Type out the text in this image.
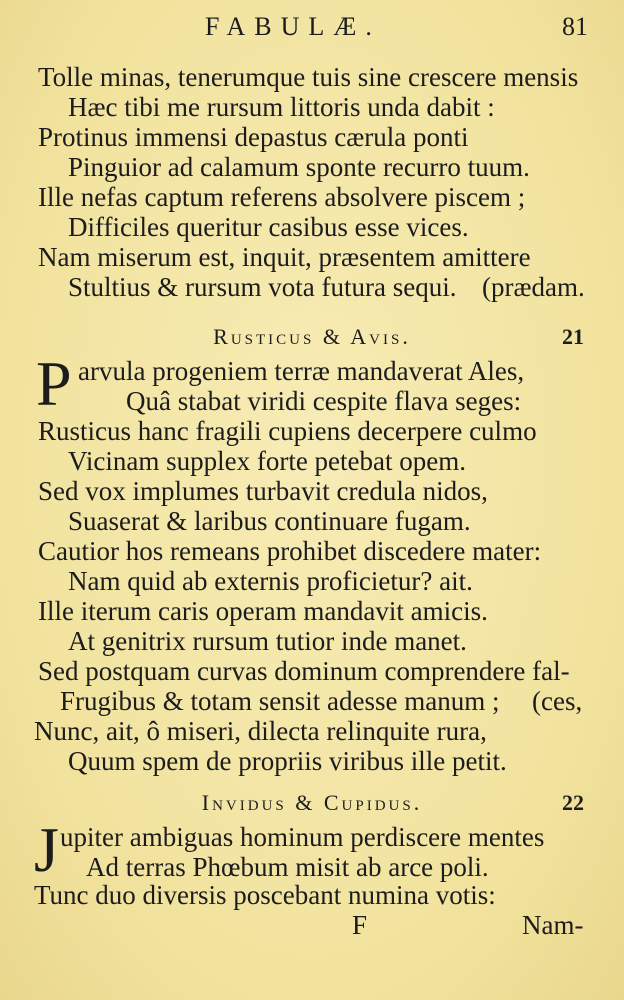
FABULÆ.	81
Tolle minas, tenerumque tuis sine crescere mensis
Hæc tibi me rursum littoris unda dabit :
Protinus immensi depastus cærula ponti
Pinguior ad calamum sponte recurro tuum.
Ille nefas captum referens absolvere piscem ;
Difficiles queritur casibus esse vices.
Nam miserum est, inquit, præsentem amittere
Stultius & rursum vota futura sequi. (prædam.
Rusticus & Avis.	21
P arvula progeniem terræ mandaverat Ales,
Quâ stabat viridi cespite flava seges:
Rusticus hanc fragili cupiens decerpere culmo
Vicinam supplex forte petebat opem.
Sed vox implumes turbavit credula nidos,
Suaserat & laribus continuare fugam.
Cautior hos remeans prohibet discedere mater:
Nam quid ab externis proficietur? ait.
Ille iterum caris operam mandavit amicis.
At genitrix rursum tutior inde manet.
Sed postquam curvas dominum comprendere fal-
Frugibus & totam sensit adesse manum ; (ces,
Nunc, ait, ô miseri, dilecta relinquite rura,
Quum spem de propriis viribus ille petit.
Invidus & Cupidus.	22
J upiter ambiguas hominum perdiscere mentes
Ad terras Phœbum misit ab arce poli.
Tunc duo diversis poscebant numina votis:
F	Nam-
